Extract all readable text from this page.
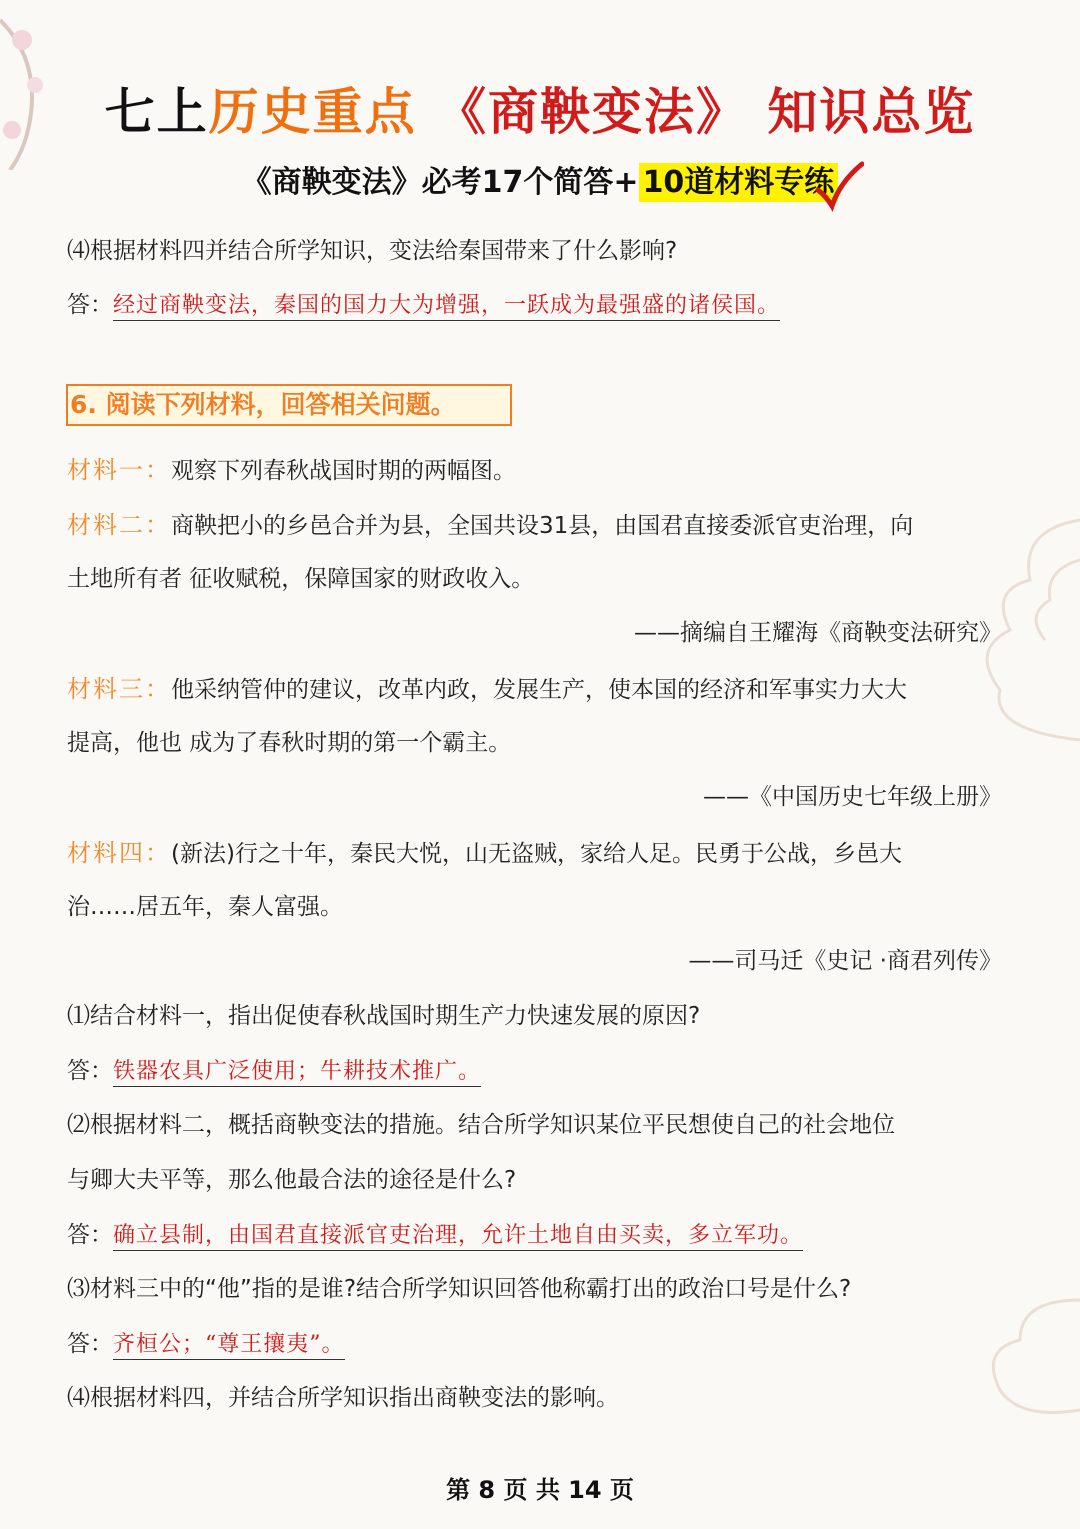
七上历史重点 《商鞅变法》 知识总览
《商鞅变法》必考17个简答+ 10道材料专练
⑷根据材料四并结合所学知识，变法给秦国带来了什么影响?
答：经过商鞅变法，秦国的国力大为增强，一跃成为最强盛的诸侯国。
6. 阅读下列材料，回答相关问题。
材料一：观察下列春秋战国时期的两幅图。
材料二：商鞅把小的乡邑合并为县，全国共设31县，由国君直接委派官吏治理，向
土地所有者 征收赋税，保障国家的财政收入。
——摘编自王耀海《商鞅变法研究》
材料三：他采纳管仲的建议，改革内政，发展生产，使本国的经济和军事实力大大
提高，他也 成为了春秋时期的第一个霸主。
——《中国历史七年级上册》
材料四：(新法)行之十年，秦民大悦，山无盗贼，家给人足。民勇于公战，乡邑大
治……居五年，秦人富强。
——司马迁《史记 ·商君列传》
⑴结合材料一，指出促使春秋战国时期生产力快速发展的原因?
答：铁器农具广泛使用；牛耕技术推广。
⑵根据材料二，概括商鞅变法的措施。结合所学知识某位平民想使自己的社会地位
与卿大夫平等，那么他最合法的途径是什么?
答：确立县制，由国君直接派官吏治理，允许土地自由买卖，多立军功。
⑶材料三中的“他”指的是谁?结合所学知识回答他称霸打出的政治口号是什么?
答：齐桓公；“尊王攘夷”。
⑷根据材料四，并结合所学知识指出商鞅变法的影响。
第 8 页 共 14 页
